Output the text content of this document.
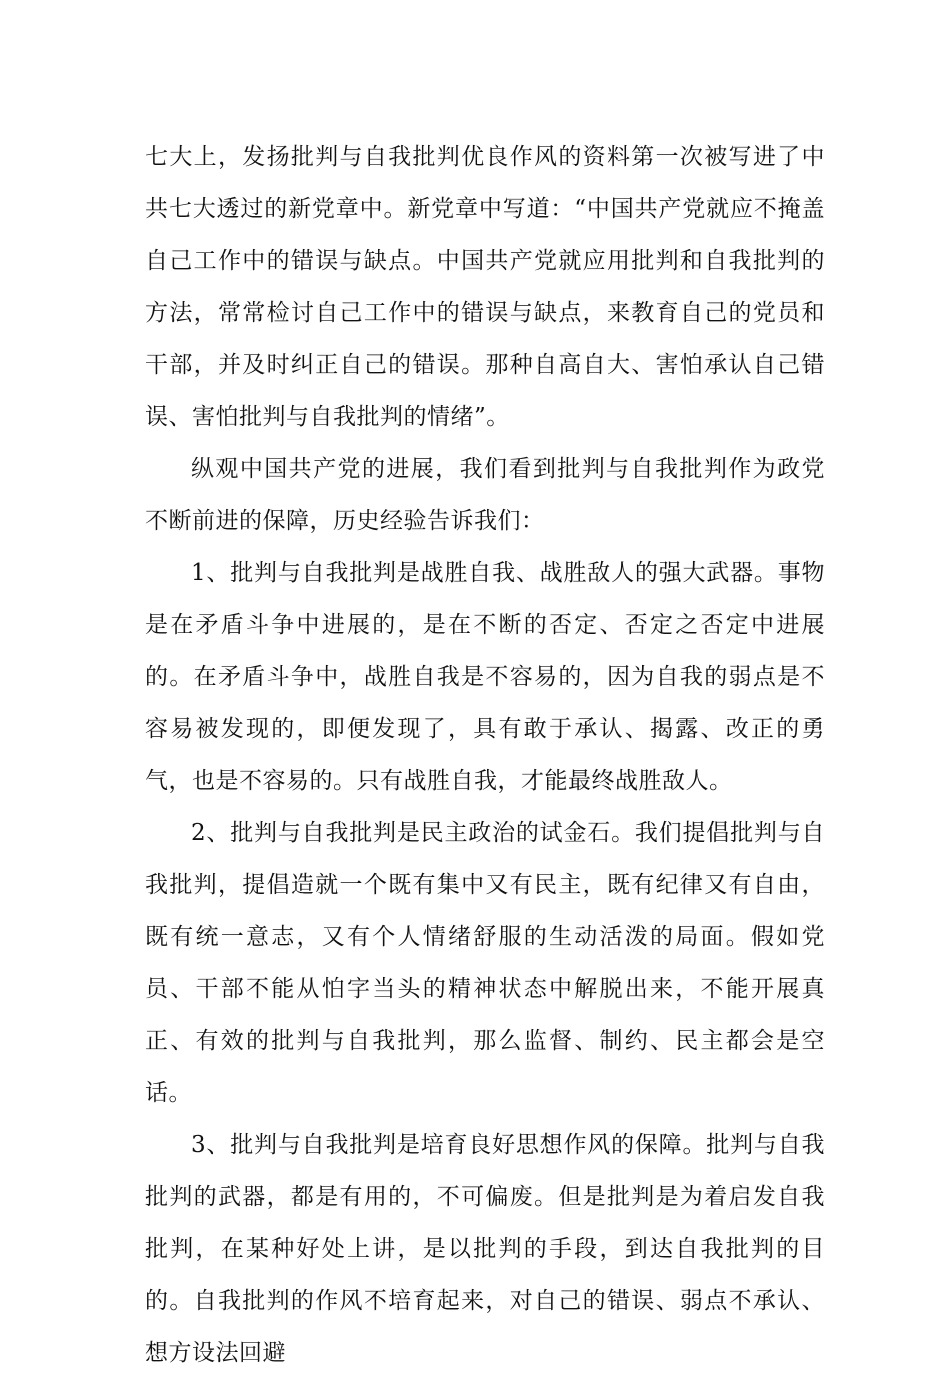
七大上，发扬批判与自我批判优良作风的资料第一次被写进了中共七大透过的新党章中。新党章中写道：“中国共产党就应不掩盖自己工作中的错误与缺点。中国共产党就应用批判和自我批判的方法，常常检讨自己工作中的错误与缺点，来教育自己的党员和干部，并及时纠正自己的错误。那种自高自大、害怕承认自己错误、害怕批判与自我批判的情绪”。

纵观中国共产党的进展，我们看到批判与自我批判作为政党不断前进的保障，历史经验告诉我们：

1、批判与自我批判是战胜自我、战胜敌人的强大武器。事物是在矛盾斗争中进展的，是在不断的否定、否定之否定中进展的。在矛盾斗争中，战胜自我是不容易的，因为自我的弱点是不容易被发现的，即便发现了，具有敢于承认、揭露、改正的勇气，也是不容易的。只有战胜自我，才能最终战胜敌人。

2、批判与自我批判是民主政治的试金石。我们提倡批判与自我批判，提倡造就一个既有集中又有民主，既有纪律又有自由，既有统一意志，又有个人情绪舒服的生动活泼的局面。假如党员、干部不能从怕字当头的精神状态中解脱出来，不能开展真正、有效的批判与自我批判，那么监督、制约、民主都会是空话。

3、批判与自我批判是培育良好思想作风的保障。批判与自我批判的武器，都是有用的，不可偏废。但是批判是为着启发自我批判，在某种好处上讲，是以批判的手段，到达自我批判的目的。自我批判的作风不培育起来，对自己的错误、弱点不承认、想方设法回避
